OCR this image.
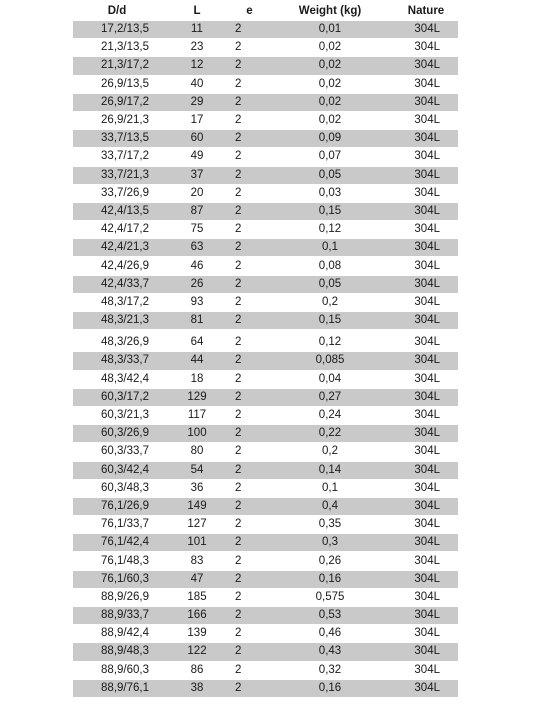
D/d	L	e	Weight (kg)	Nature
17,2/13,5	11	2	0,01	304L
21,3/13,5	23	2	0,02	304L
21,3/17,2	12	2	0,02	304L
26,9/13,5	40	2	0,02	304L
26,9/17,2	29	2	0,02	304L
26,9/21,3	17	2	0,02	304L
33,7/13,5	60	2	0,09	304L
33,7/17,2	49	2	0,07	304L
33,7/21,3	37	2	0,05	304L
33,7/26,9	20	2	0,03	304L
42,4/13,5	87	2	0,15	304L
42,4/17,2	75	2	0,12	304L
42,4/21,3	63	2	0,1	304L
42,4/26,9	46	2	0,08	304L
42,4/33,7	26	2	0,05	304L
48,3/17,2	93	2	0,2	304L
48,3/21,3	81	2	0,15	304L
48,3/26,9	64	2	0,12	304L
48,3/33,7	44	2	0,085	304L
48,3/42,4	18	2	0,04	304L
60,3/17,2	129	2	0,27	304L
60,3/21,3	117	2	0,24	304L
60,3/26,9	100	2	0,22	304L
60,3/33,7	80	2	0,2	304L
60,3/42,4	54	2	0,14	304L
60,3/48,3	36	2	0,1	304L
76,1/26,9	149	2	0,4	304L
76,1/33,7	127	2	0,35	304L
76,1/42,4	101	2	0,3	304L
76,1/48,3	83	2	0,26	304L
76,1/60,3	47	2	0,16	304L
88,9/26,9	185	2	0,575	304L
88,9/33,7	166	2	0,53	304L
88,9/42,4	139	2	0,46	304L
88,9/48,3	122	2	0,43	304L
88,9/60,3	86	2	0,32	304L
88,9/76,1	38	2	0,16	304L
